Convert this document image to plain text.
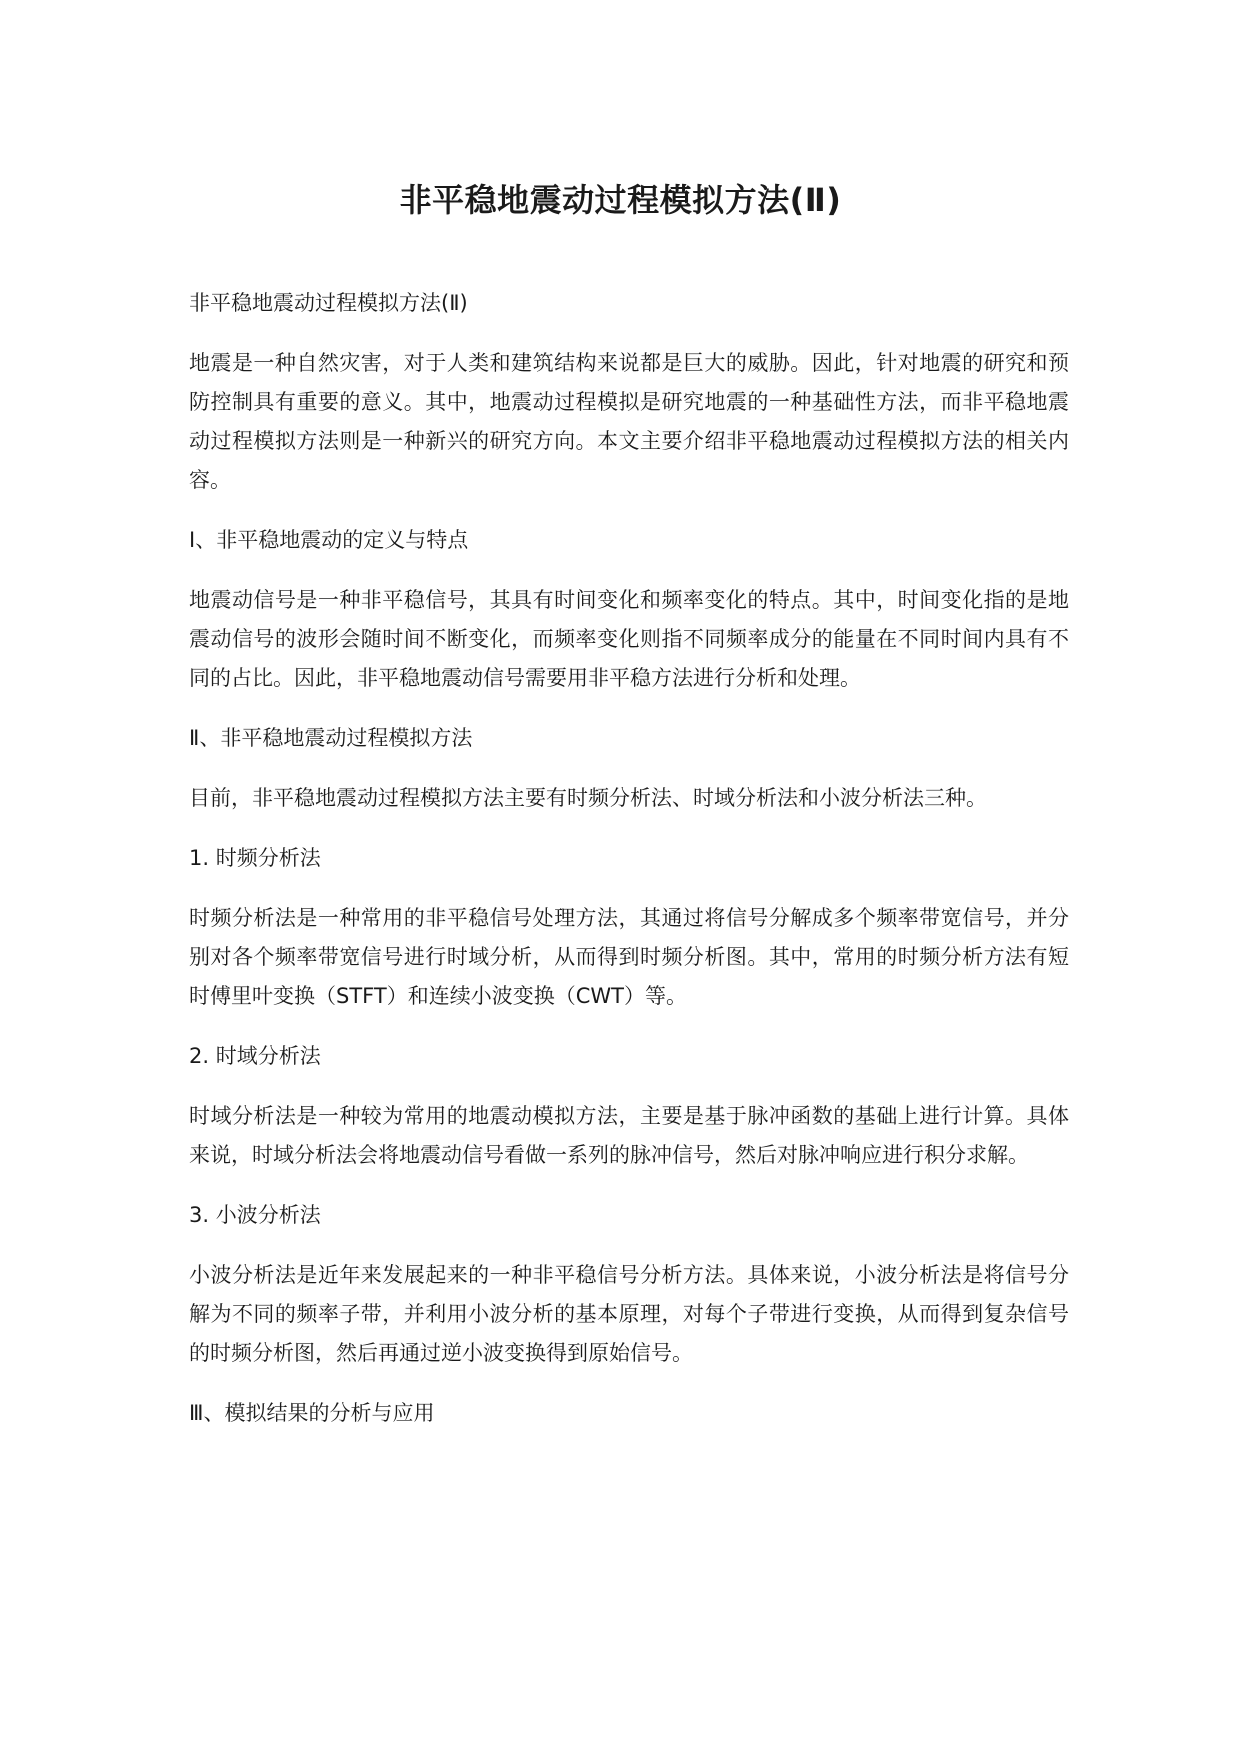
非平稳地震动过程模拟方法(Ⅱ)

非平稳地震动过程模拟方法(Ⅱ)

地震是一种自然灾害，对于人类和建筑结构来说都是巨大的威胁。因此，针对地震的研究和预防控制具有重要的意义。其中，地震动过程模拟是研究地震的一种基础性方法，而非平稳地震动过程模拟方法则是一种新兴的研究方向。本文主要介绍非平稳地震动过程模拟方法的相关内容。

Ⅰ、非平稳地震动的定义与特点

地震动信号是一种非平稳信号，其具有时间变化和频率变化的特点。其中，时间变化指的是地震动信号的波形会随时间不断变化，而频率变化则指不同频率成分的能量在不同时间内具有不同的占比。因此，非平稳地震动信号需要用非平稳方法进行分析和处理。

Ⅱ、非平稳地震动过程模拟方法

目前，非平稳地震动过程模拟方法主要有时频分析法、时域分析法和小波分析法三种。

1. 时频分析法

时频分析法是一种常用的非平稳信号处理方法，其通过将信号分解成多个频率带宽信号，并分别对各个频率带宽信号进行时域分析，从而得到时频分析图。其中，常用的时频分析方法有短时傅里叶变换（STFT）和连续小波变换（CWT）等。

2. 时域分析法

时域分析法是一种较为常用的地震动模拟方法，主要是基于脉冲函数的基础上进行计算。具体来说，时域分析法会将地震动信号看做一系列的脉冲信号，然后对脉冲响应进行积分求解。

3. 小波分析法

小波分析法是近年来发展起来的一种非平稳信号分析方法。具体来说，小波分析法是将信号分解为不同的频率子带，并利用小波分析的基本原理，对每个子带进行变换，从而得到复杂信号的时频分析图，然后再通过逆小波变换得到原始信号。

Ⅲ、模拟结果的分析与应用
